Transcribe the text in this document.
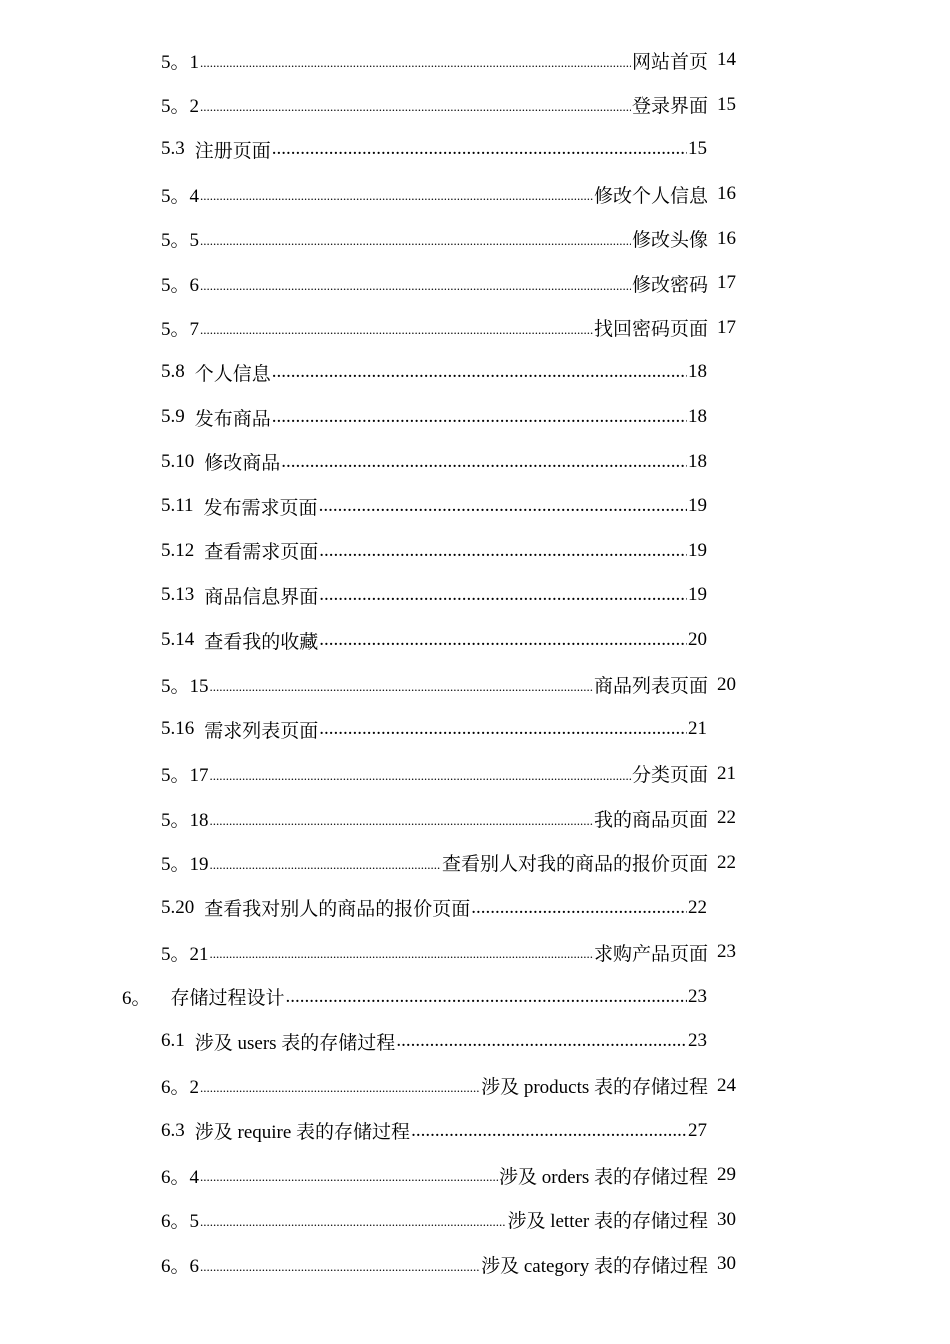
5。1 .....	网站首页 14
5。2 .....	登录界面 15
5.3 注册页面 .....	15
5。4 .....	修改个人信息 16
5。5 .....	修改头像 16
5。6 .....	修改密码 17
5。7 .....	找回密码页面 17
5.8 个人信息 .....	18
5.9 发布商品 .....	18
5.10 修改商品 .....	18
5.11 发布需求页面 .....	19
5.12 查看需求页面 .....	19
5.13 商品信息界面 .....	19
5.14 查看我的收藏 .....	20
5。15 .....	商品列表页面 20
5.16 需求列表页面 .....	21
5。17 .....	分类页面 21
5。18 .....	我的商品页面 22
5。19 .....	查看别人对我的商品的报价页面 22
5.20 查看我对别人的商品的报价页面 .....	22
5。21 .....	求购产品页面 23
6。 存储过程设计 .....	23
6.1 涉及 users 表的存储过程 .....	23
6。2 .....	涉及 products 表的存储过程 24
6.3 涉及 require 表的存储过程 .....	27
6。4 .....	涉及 orders 表的存储过程 29
6。5 .....	涉及 letter 表的存储过程 30
6。6 .....	涉及 category 表的存储过程 30
